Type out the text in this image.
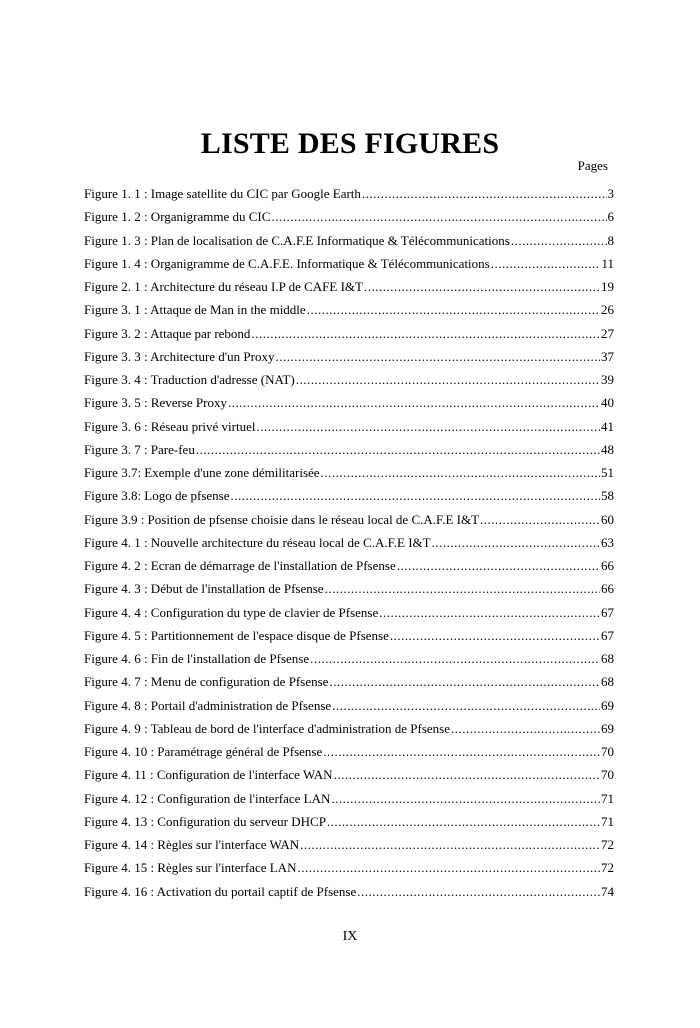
LISTE DES FIGURES
Pages
Figure 1. 1 : Image satellite du CIC par Google Earth .....	3
Figure 1. 2 : Organigramme du CIC .....	6
Figure 1. 3 : Plan de localisation de C.A.F.E Informatique & Télécommunications .....	8
Figure 1. 4 : Organigramme de C.A.F.E. Informatique & Télécommunications .....	11
Figure 2. 1 : Architecture du réseau I.P de CAFE I&T .....	19
Figure 3. 1 : Attaque de Man in the middle .....	26
Figure 3. 2 : Attaque par rebond .....	27
Figure 3. 3 : Architecture d'un Proxy .....	37
Figure 3. 4 : Traduction d'adresse (NAT) .....	39
Figure 3. 5 : Reverse Proxy .....	40
Figure 3. 6 : Réseau privé virtuel .....	41
Figure 3. 7 : Pare-feu .....	48
Figure 3.7: Exemple d'une zone démilitarisée .....	51
Figure 3.8: Logo de pfsense .....	58
Figure 3.9 : Position de pfsense choisie dans le réseau local de C.A.F.E I&T .....	60
Figure 4. 1 : Nouvelle architecture du réseau local de C.A.F.E I&T .....	63
Figure 4. 2 : Ecran de démarrage de l'installation de Pfsense .....	66
Figure 4. 3 : Début de l'installation de Pfsense .....	66
Figure 4. 4 : Configuration du type de clavier de Pfsense .....	67
Figure 4. 5 : Partitionnement de l'espace disque de Pfsense .....	67
Figure 4. 6 : Fin de l'installation de Pfsense .....	68
Figure 4. 7 : Menu de configuration de Pfsense .....	68
Figure 4. 8 : Portail d'administration de Pfsense .....	69
Figure 4. 9 : Tableau de bord de l'interface d'administration de Pfsense .....	69
Figure 4. 10 : Paramétrage général de Pfsense .....	70
Figure 4. 11 : Configuration de l'interface WAN .....	70
Figure 4. 12 : Configuration de l'interface LAN .....	71
Figure 4. 13 : Configuration du serveur DHCP .....	71
Figure 4. 14 : Règles sur l'interface WAN .....	72
Figure 4. 15 : Règles sur l'interface LAN .....	72
Figure 4. 16 : Activation du portail captif de Pfsense .....	74
IX
